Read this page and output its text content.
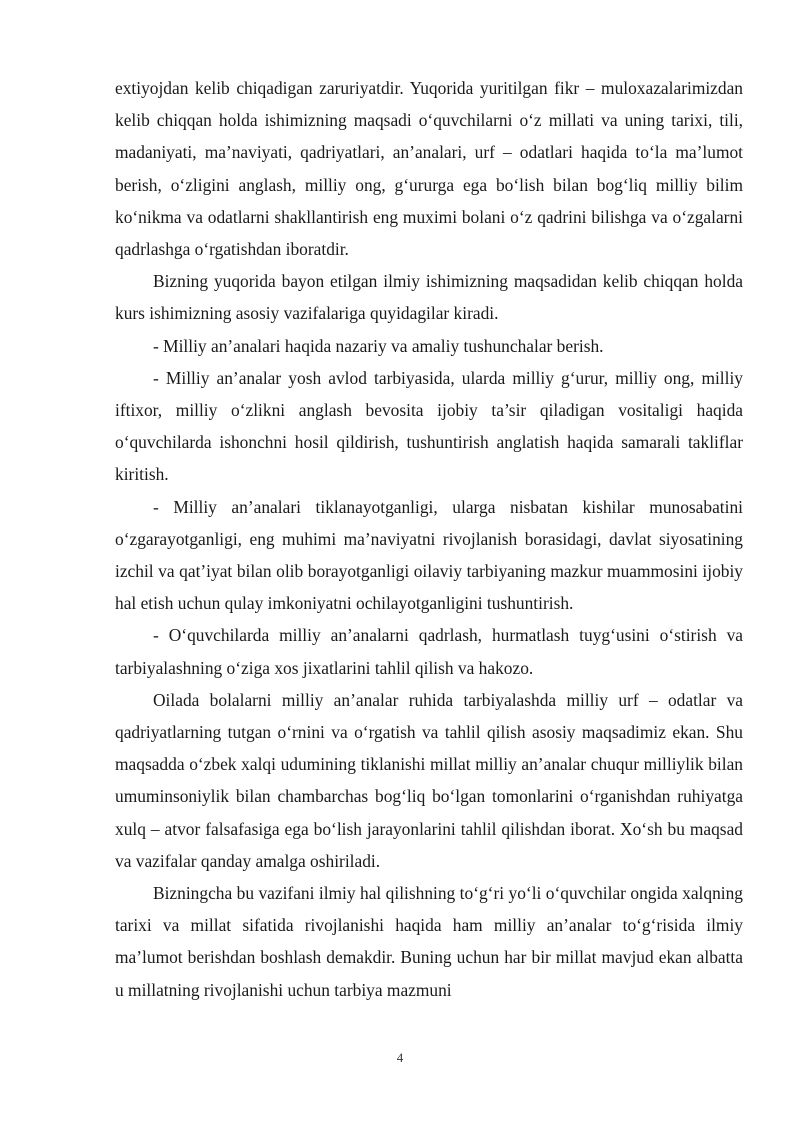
extiyojdan kelib chiqadigan zaruriyatdir. Yuqorida yuritilgan fikr – muloxazalarimizdan kelib chiqqan holda ishimizning maqsadi o‘quvchilarni o‘z millati va uning tarixi, tili, madaniyati, ma’naviyati, qadriyatlari, an’analari, urf – odatlari haqida to‘la ma’lumot berish, o‘zligini anglash, milliy ong, g‘ururga ega bo‘lish bilan bog‘liq milliy bilim ko‘nikma va odatlarni shakllantirish eng muximi bolani o‘z qadrini bilishga va o‘zgalarni qadrlashga o‘rgatishdan iboratdir.

Bizning yuqorida bayon etilgan ilmiy ishimizning maqsadidan kelib chiqqan holda kurs ishimizning asosiy vazifalariga quyidagilar kiradi.

- Milliy an’analari haqida nazariy va amaliy tushunchalar berish.

- Milliy an’analar yosh avlod tarbiyasida, ularda milliy g‘urur, milliy ong, milliy iftixor, milliy o‘zlikni anglash bevosita ijobiy ta’sir qiladigan vositaligi haqida o‘quvchilarda ishonchni hosil qildirish, tushuntirish anglatish haqida samarali takliflar kiritish.

- Milliy an’analari tiklanayotganligi, ularga nisbatan kishilar munosabatini o‘zgarayotganligi, eng muhimi ma’naviyatni rivojlanish borasidagi, davlat siyosatining izchil va qat’iyat bilan olib borayotganligi oilaviy tarbiyaning mazkur muammosini ijobiy hal etish uchun qulay imkoniyatni ochilayotganligini tushuntirish.

- O‘quvchilarda milliy an’analarni qadrlash, hurmatlash tuyg‘usini o‘stirish va tarbiyalashning o‘ziga xos jixatlarini tahlil qilish va hakozo.

Oilada bolalarni milliy an’analar ruhida tarbiyalashda milliy urf – odatlar va qadriyatlarning tutgan o‘rnini va o‘rgatish va tahlil qilish asosiy maqsadimiz ekan. Shu maqsadda o‘zbek xalqi udumining tiklanishi millat milliy an’analar chuqur milliylik bilan umuminsoniylik bilan chambarchas bog‘liq bo‘lgan tomonlarini o‘rganishdan ruhiyatga xulq – atvor falsafasiga ega bo‘lish jarayonlarini tahlil qilishdan iborat. Xo‘sh bu maqsad va vazifalar qanday amalga oshiriladi.

Bizningcha bu vazifani ilmiy hal qilishning to‘g‘ri yo‘li o‘quvchilar ongida xalqning tarixi va millat sifatida rivojlanishi haqida ham milliy an’analar to‘g‘risida ilmiy ma’lumot berishdan boshlash demakdir. Buning uchun har bir millat mavjud ekan albatta u millatning rivojlanishi uchun tarbiya mazmuni

4
